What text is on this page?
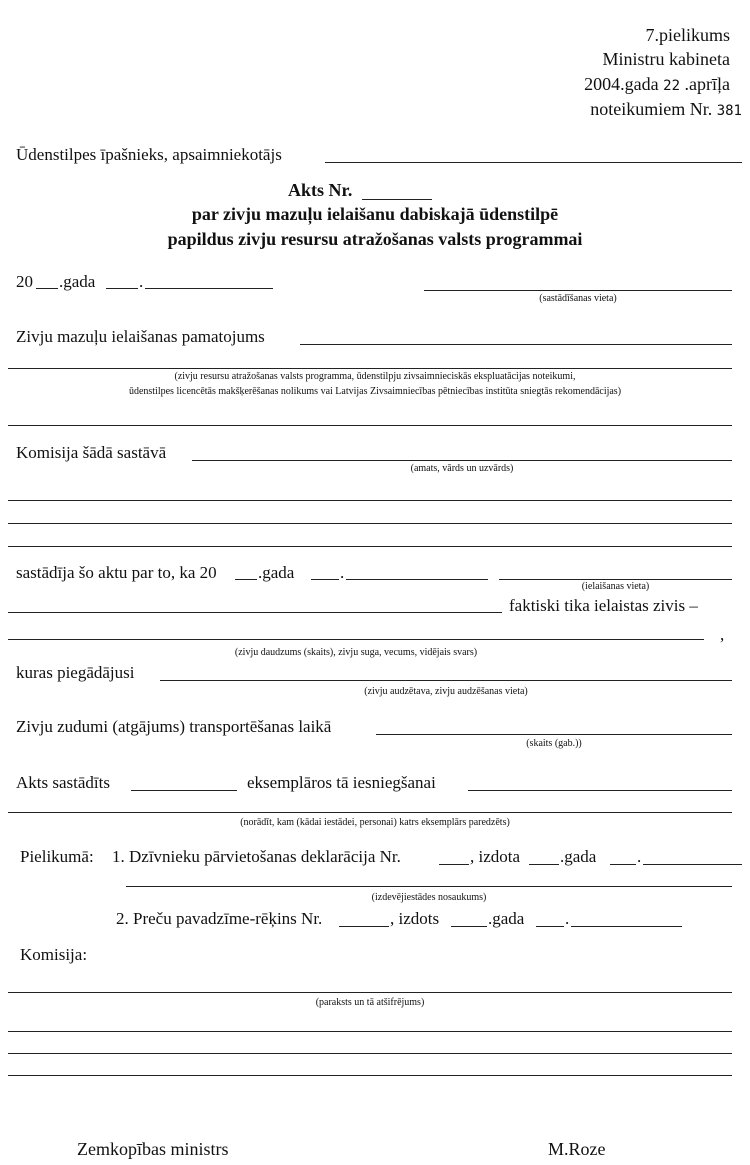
7.pielikums
Ministru kabineta
2004.gada 22 .aprīļa
noteikumiem Nr. 381
Ūdenstilpes īpašnieks, apsaimniekotājs
Akts Nr.
par zivju mazuļu ielaišanu dabiskajā ūdenstilpē
papildus zivju resursu atražošanas valsts programmai
20 .gada	.
(sastādīšanas vieta)
Zivju mazuļu ielaišanas pamatojums
(zivju resursu atražošanas valsts programma, ūdenstilpju zivsaimnieciskās ekspluatācijas noteikumi,
ūdenstilpes licencētās makšķerēšanas nolikums vai Latvijas Zivsaimniecības pētniecības institūta sniegtās rekomendācijas)
Komisija šādā sastāvā
(amats, vārds un uzvārds)
sastādīja šo aktu par to, ka 20 .gada	.
(ielaišanas vieta)
faktiski tika ielaistas zivis –
,
(zivju daudzums (skaits), zivju suga, vecums, vidējais svars)
kuras piegādājusi
(zivju audzētava, zivju audzēšanas vieta)
Zivju zudumi (atgājums) transportēšanas laikā
(skaits (gab.))
Akts sastādīts	eksemplāros tā iesniegšanai
(norādīt, kam (kādai iestādei, personai) katrs eksemplārs paredzēts)
Pielikumā: 1. Dzīvnieku pārvietošanas deklarācija Nr.	, izdota .gada .
(izdevējiestādes nosaukums)
2. Preču pavadzīme-rēķins Nr.	, izdots	.gada .
Komisija:
(paraksts un tā atšifrējums)
Zemkopības ministrs	M.Roze
